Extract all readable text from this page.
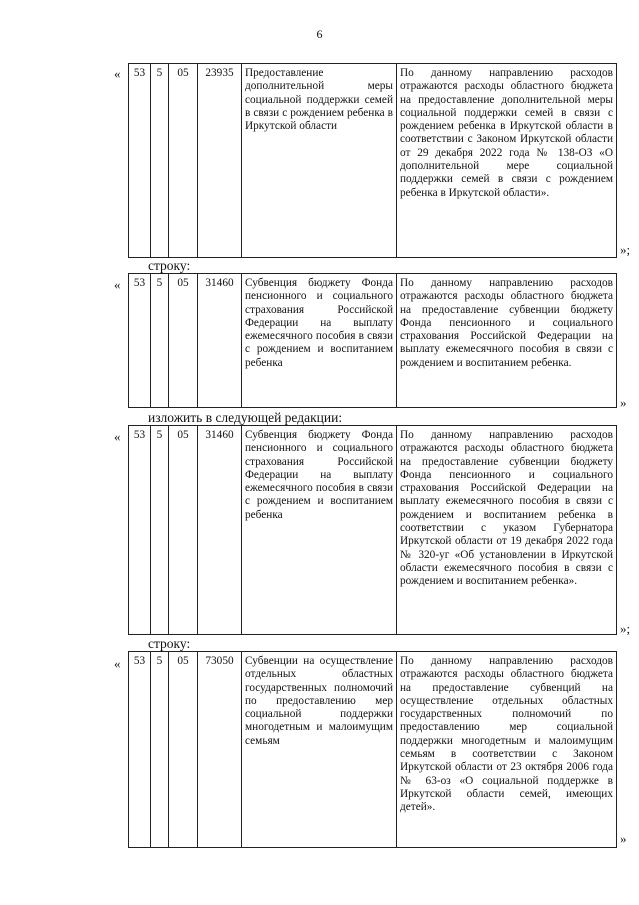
6
« 53	5	05	23935	Предоставление дополнительной меры социальной поддержки семей в связи с рождением ребенка в Иркутской области	По данному направлению расходов отражаются расходы областного бюджета на предоставление дополнительной меры социальной поддержки семей в связи с рождением ребенка в Иркутской области в соответствии с Законом Иркутской области от 29 декабря 2022 года № 138-ОЗ «О дополнительной мере социальной поддержки семей в связи с рождением ребенка в Иркутской области».
»;
строку:
« 53	5	05	31460	Субвенция бюджету Фонда пенсионного и социального страхования Российской Федерации на выплату ежемесячного пособия в связи с рождением и воспитанием ребенка	По данному направлению расходов отражаются расходы областного бюджета на предоставление субвенции бюджету Фонда пенсионного и социального страхования Российской Федерации на выплату ежемесячного пособия в связи с рождением и воспитанием ребенка.
»
изложить в следующей редакции:
« 53	5	05	31460	Субвенция бюджету Фонда пенсионного и социального страхования Российской Федерации на выплату ежемесячного пособия в связи с рождением и воспитанием ребенка	По данному направлению расходов отражаются расходы областного бюджета на предоставление субвенции бюджету Фонда пенсионного и социального страхования Российской Федерации на выплату ежемесячного пособия в связи с рождением и воспитанием ребенка в соответствии с указом Губернатора Иркутской области от 19 декабря 2022 года № 320-уг «Об установлении в Иркутской области ежемесячного пособия в связи с рождением и воспитанием ребенка».
»;
строку:
« 53	5	05	73050	Субвенции на осуществление отдельных областных государственных полномочий по предоставлению мер социальной поддержки многодетным и малоимущим семьям	По данному направлению расходов отражаются расходы областного бюджета на предоставление субвенций на осуществление отдельных областных государственных полномочий по предоставлению мер социальной поддержки многодетным и малоимущим семьям в соответствии с Законом Иркутской области от 23 октября 2006 года № 63-оз «О социальной поддержке в Иркутской области семей, имеющих детей».
»
